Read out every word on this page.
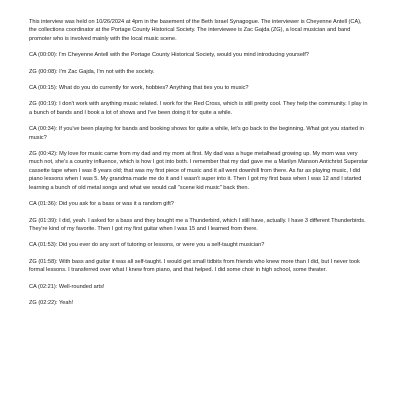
This interview was held on 10/26/2024 at 4pm in the basement of the Beth Israel Synagogue. The interviewer is Cheyenne Antell (CA), the collections coordinator at the Portage County Historical Society. The interviewee is Zac Gajda (ZG), a local musician and band promoter who is involved mainly with the local music scene.

CA (00:00): I'm Cheyenne Antell with the Portage County Historical Society, would you mind introducing yourself?

ZG (00:08): I'm Zac Gajda, I'm not with the society.

CA (00:15): What do you do currently for work, hobbies? Anything that ties you to music?

ZG (00:19): I don't work with anything music related. I work for the Red Cross, which is still pretty cool. They help the community. I play in a bunch of bands and I book a lot of shows and I've been doing it for quite a while.

CA (00:34): If you've been playing for bands and booking shows for quite a while, let's go back to the beginning. What got you started in music?

ZG (00:42): My love for music came from my dad and my mom at first. My dad was a huge metalhead growing up. My mom was very much not, she's a country influence, which is how I got into both. I remember that my dad gave me a Marilyn Manson Antichrist Superstar cassette tape when I was 8 years old; that was my first piece of music and it all went downhill from there. As far as playing music, I did piano lessons when I was 5. My grandma made me do it and I wasn't super into it. Then I got my first bass when I was 12 and I started learning a bunch of old metal songs and what we would call "scene kid music" back then.

CA (01:36): Did you ask for a bass or was it a random gift?

ZG (01:39): I did, yeah. I asked for a bass and they bought me a Thunderbird, which I still have, actually. I have 3 different Thunderbirds. They're kind of my favorite. Then I got my first guitar when I was 15 and I learned from there.

CA (01:53): Did you ever do any sort of tutoring or lessons, or were you a self-taught musician?

ZG (01:58): With bass and guitar it was all self-taught. I would get small tidbits from friends who knew more than I did, but I never took formal lessons. I transferred over what I knew from piano, and that helped. I did some choir in high school, some theater.

CA (02:21): Well-rounded arts!

ZG (02:22): Yeah!
